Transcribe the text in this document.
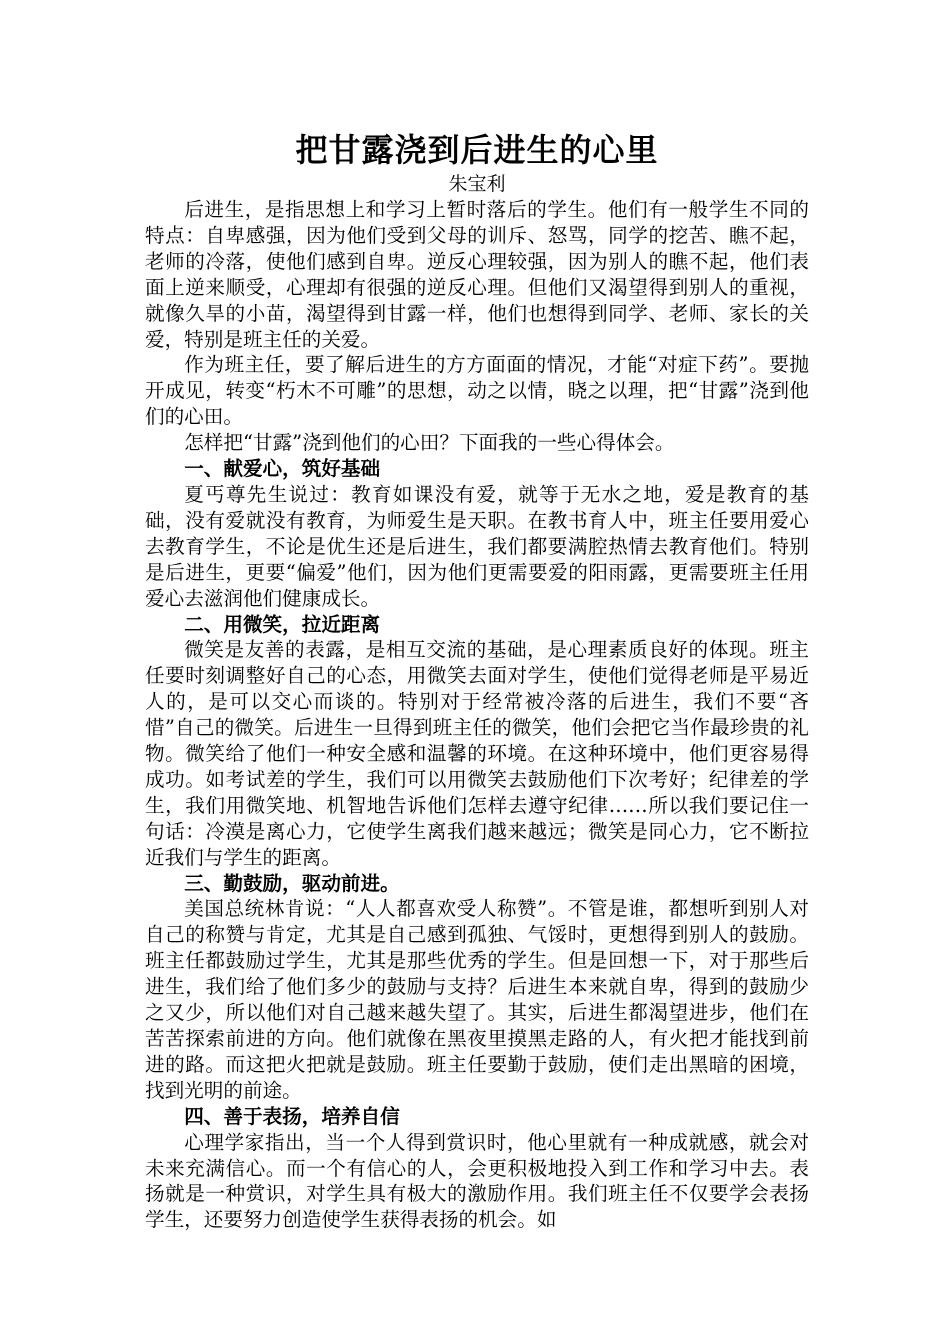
把甘露浇到后进生的心里
朱宝利

后进生，是指思想上和学习上暂时落后的学生。他们有一般学生不同的特点：自卑感强，因为他们受到父母的训斥、怒骂，同学的挖苦、瞧不起，老师的冷落，使他们感到自卑。逆反心理较强，因为别人的瞧不起，他们表面上逆来顺受，心理却有很强的逆反心理。但他们又渴望得到别人的重视，就像久旱的小苗，渴望得到甘露一样，他们也想得到同学、老师、家长的关爱，特别是班主任的关爱。

作为班主任，要了解后进生的方方面面的情况，才能“对症下药”。要抛开成见，转变“朽木不可雕”的思想，动之以情，晓之以理，把“甘露”浇到他们的心田。

怎样把“甘露”浇到他们的心田？下面我的一些心得体会。

一、献爱心，筑好基础

夏丐尊先生说过：教育如课没有爱，就等于无水之地，爱是教育的基础，没有爱就没有教育，为师爱生是天职。在教书育人中，班主任要用爱心去教育学生，不论是优生还是后进生，我们都要满腔热情去教育他们。特别是后进生，更要“偏爱”他们，因为他们更需要爱的阳雨露，更需要班主任用爱心去滋润他们健康成长。

二、用微笑，拉近距离

微笑是友善的表露，是相互交流的基础，是心理素质良好的体现。班主任要时刻调整好自己的心态，用微笑去面对学生，使他们觉得老师是平易近人的，是可以交心而谈的。特别对于经常被冷落的后进生，我们不要“吝惜”自己的微笑。后进生一旦得到班主任的微笑，他们会把它当作最珍贵的礼物。微笑给了他们一种安全感和温馨的环境。在这种环境中，他们更容易得成功。如考试差的学生，我们可以用微笑去鼓励他们下次考好；纪律差的学生，我们用微笑地、机智地告诉他们怎样去遵守纪律……所以我们要记住一句话：冷漠是离心力，它使学生离我们越来越远；微笑是同心力，它不断拉近我们与学生的距离。

三、勤鼓励，驱动前进。

美国总统林肯说：“人人都喜欢受人称赞”。不管是谁，都想听到别人对自己的称赞与肯定，尤其是自己感到孤独、气馁时，更想得到别人的鼓励。班主任都鼓励过学生，尤其是那些优秀的学生。但是回想一下，对于那些后进生，我们给了他们多少的鼓励与支持？后进生本来就自卑，得到的鼓励少之又少，所以他们对自己越来越失望了。其实，后进生都渴望进步，他们在苦苦探索前进的方向。他们就像在黑夜里摸黑走路的人，有火把才能找到前进的路。而这把火把就是鼓励。班主任要勤于鼓励，使们走出黑暗的困境，找到光明的前途。

四、善于表扬，培养自信

心理学家指出，当一个人得到赏识时，他心里就有一种成就感，就会对未来充满信心。而一个有信心的人，会更积极地投入到工作和学习中去。表扬就是一种赏识，对学生具有极大的激励作用。我们班主任不仅要学会表扬学生，还要努力创造使学生获得表扬的机会。如
